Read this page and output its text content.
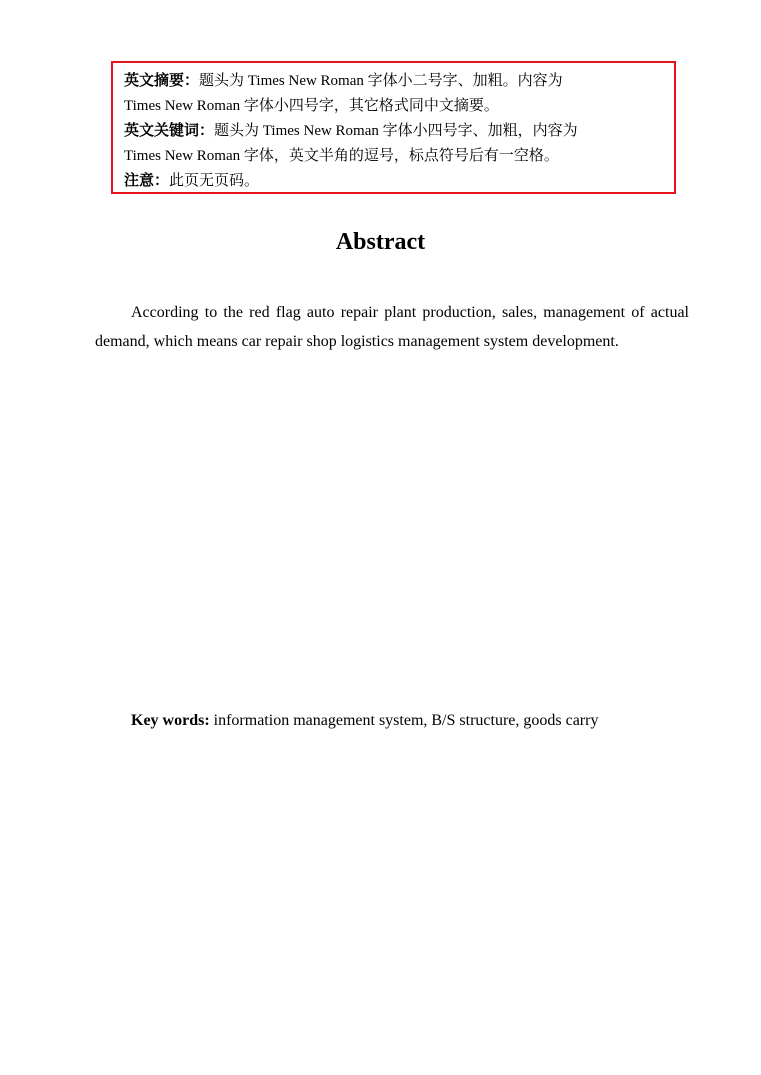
英文摘要：题头为 Times New Roman 字体小二号字、加粗。内容为
Times New Roman 字体小四号字，其它格式同中文摘要。
英文关键词：题头为 Times New Roman 字体小四号字、加粗，内容为
Times New Roman 字体，英文半角的逗号，标点符号后有一空格。
注意：此页无页码。
Abstract

According to the red flag auto repair plant production, sales, management of actual demand, which means car repair shop logistics management system development.

Key words: information management system, B/S structure, goods carry
